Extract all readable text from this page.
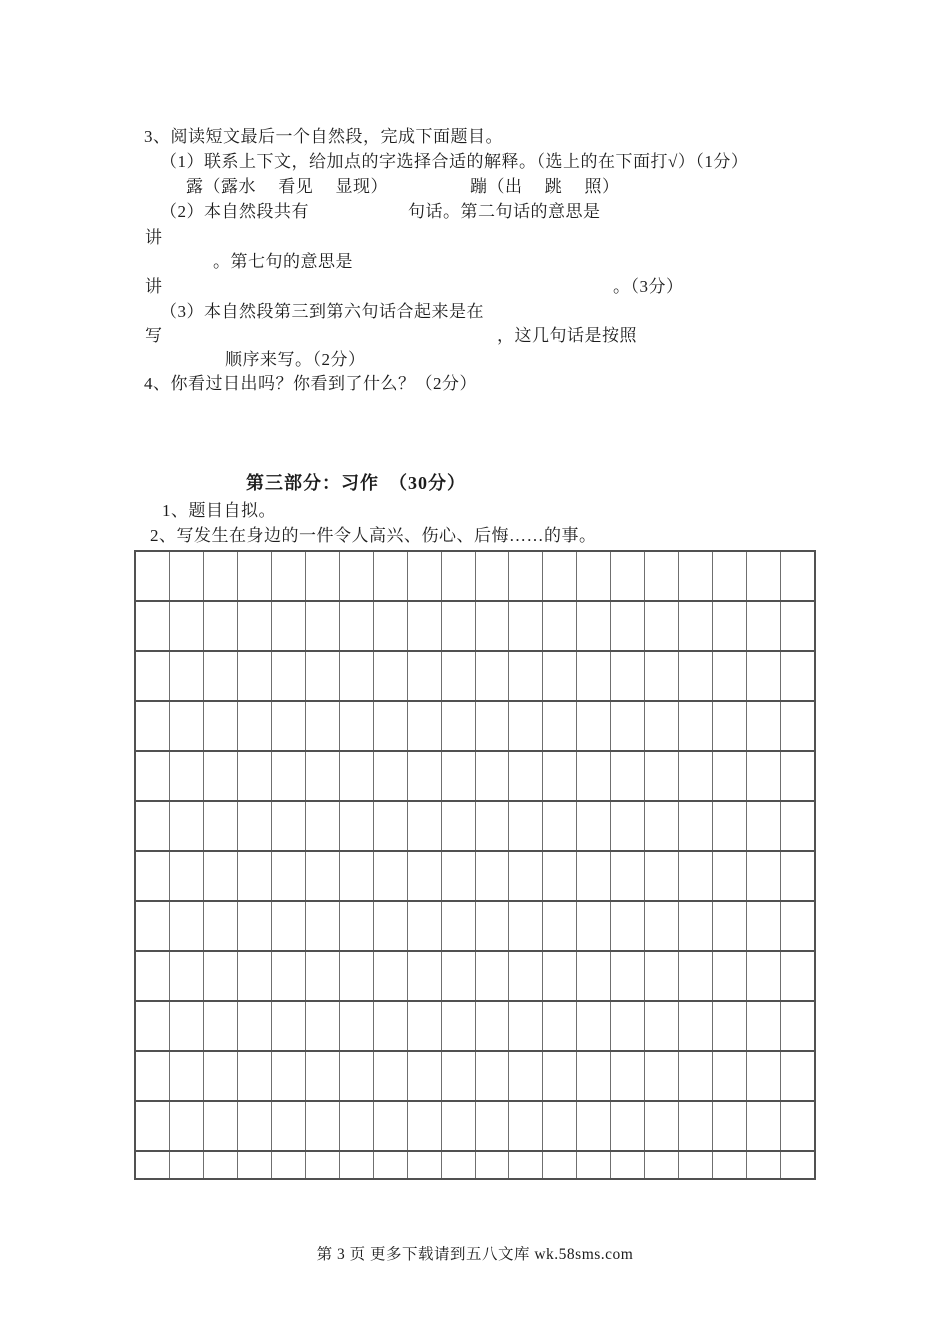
3、阅读短文最后一个自然段，完成下面题目。
（1）联系上下文，给加点的字选择合适的解释。（选上的在下面打√）（1分）
露（露水　 看见　 显现）	蹦（出　 跳　 照）
（2）本自然段共有	句话。第二句话的意思是
讲
。第七句的意思是
讲	。（3分）
（3）本自然段第三到第六句话合起来是在
写	，这几句话是按照
顺序来写。（2分）
4、你看过日出吗？你看到了什么？（2分）
第三部分：习作　（30分）
1、题目自拟。
2、写发生在身边的一件令人高兴、伤心、后悔……的事。
第 3 页 更多下载请到五八文库 wk.58sms.com
